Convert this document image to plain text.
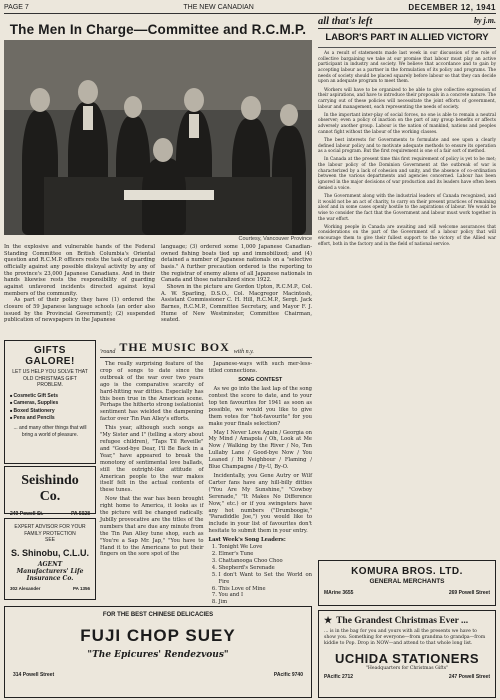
PAGE 7	THE NEW CANADIAN	DECEMBER 12, 1941
The Men In Charge—Committee and R.C.M.P.
Courtesy, Vancouver Province

In the explosive and vulnerable hands of the Federal Standing Committee on British Columbia's Oriental question and R.C.M.P. officers rests the task of guarding officially against any possible disloyal activity by any of the province's 23,000 Japanese Canadians. And in their hands likewise rests the responsibility of guarding against unfavored incidents directed against loyal members of the community.
As part of their policy they have (1) ordered the closure of 59 Japanese language schools (an order also issued by the Provincial Government); (2) suspended publication of newspapers in the Japanese

language; (3) ordered some 1,000 Japanese Canadian-owned fishing boats tied up and immobilized; and (4) detained a number of Japanese nationals on a "selective basis." A further precaution ordered is the reporting to the registrar of enemy aliens of all Japanese nationals in Canada and those naturalized since 1922.
Shown in the picture are Gordon Upton, R.C.M.P., Col. A. W. Sparling, D.S.O., Col. Macgregor Macintosh, Assistant Commissioner C. H. Hill, R.C.M.P., Sergt. Jack Barnes, R.C.M.P., Committee Secretary, and Mayor F. J. Hume of New Westminster, Committee Chairman, seated.

all that's left	by j.m.
LABOR'S PART IN ALLIED VICTORY

As a result of statements made last week in our discussion of the role of collective bargaining we take at our promise that labour must play an active participant in industry and society. We believe that accordance and to gain by accepting labour as a partner in the formulation of its policy and programs. The needs of society should be placed squarely before labour so that they can decide upon an adequate program to meet them.

Workers will have to be organized to be able to give collective expression of their aspirations, and have to introduce their proposals in a concrete nature. The carrying out of these policies will necessitate the joint efforts of government, labour and management, each representing the needs of society.

In the important inter-play of social forces, no one is able to remain a neutral observer; even a policy of inaction on the part of any group benefits or affects adversely another group. Labour is the nation of mankind, nations and peoples cannot fight without the labour of the working classes.

The best interests for Governments to formulate and see upon a clearly defined labour policy and to motivate adequate methods to ensure its operation as a social program. But the first requirement is one of a fair sort of method.

In Canada at the present time this first requirement of policy is yet to be met; the labour policy of the Dominion Government at the outbreak of war is characterized by a lack of cohesion and unity, and the absence of co-ordination between the various departments and agencies concerned. Labour has been ignored in the major decisions of war production and its leaders have often been denied a voice.

The Government along with the industrial leaders of Canada recognized, and it would not be an act of charity, to carry on their present practices of remaining aloof and in some cases openly hostile to the aspirations of labour. We would be wise to consider the fact that the Government and labour must work together in the war effort.

Working people in Canada are awaiting and will welcome assurances that considerations on the part of the Government of a labour policy that will encourage them to give their fullest support to the victory of the Allied war effort, both in the factory and in the field of national service.

GIFTS GALORE!
LET US HELP YOU SOLVE THAT OLD CHRISTMAS GIFT PROBLEM.
■ Cosmetic Gift Sets
■ Cameras, Supplies
■ Boxed Stationery
■ Pens and Pencils
... and many other things that will bring a world of pleasure.
Seishindo Co.
249 Powell St.	PA 5028
EXPERT ADVISOR FOR YOUR FAMILY PROTECTION
SEE
S. Shinobu, C.L.U.
AGENT
Manufacturers' Life Insurance Co.
302 Alexander	PA 1356
'round THE MUSIC BOX with n.y.

The really surprising feature of the crop of songs to date since the outbreak of the war over two years ago is the comparative scarcity of hard-hitting war ditties. Especially has this been true in the American scene. Perhaps the hitherto strong isolationist sentiment has wielded the dampening factor over Tin Pan Alley's efforts.

This year, although such songs as "My Sister and I" (telling a story about refugee children), "Taps Til Reveille" and "Good-bye Dear, I'll Be Back in a Year," have appeared to break the monotony of sentimental love ballads, still the outright-like attitude of American people to the war makes itself felt in the actual contents of these tunes.

Now that the war has been brought right home to America, it looks as if the picture will be changed radically. Jubilly provocative are the titles of the numbers that are due any minute from the Tin Pan Alley tune shop, such as "You're a Sap Mr. Jap," "You have to Hand it to the Americans to put their fingers on the sore spot of the

Japanese-ways with such mer-less-titled connections.

SONG CONTEST

As we go into the last lap of the song contest the score to date, and to your top ten favourites for 1941 as soon as possible, we would you like to give them votes for "hot-favourite" for you make your finals selection?

May I Never Love Again / Georgia on My Mind / Amapola / Oh, Look at Me Now / Walking by the River / No, Ten Lullaby Lane / Good-bye Now / You Leaned / Hi Neighbour / Flaming / Blue Champagne / By-U, By-O.

Incidentally, you Gene Autry or Wilf Carter fans have any hill-billy ditties ("You Are My Sunshine," "Cowboy Serenade," "It Makes No Difference Now," etc.) or if you swingsters have any hot numbers ("Drumboogie," "Paradiddle Joe,") you would like to include in your list of favourites don't hesitate to submit them in your entry.

Last Week's Song Leaders:

1. Tonight We Love
2. Elmer's Tune
3. Chattanooga Choo Choo
4. Shepherd's Serenade
5. I don't Want to Set the World on Fire
6. This Love of Mine
7. You and I
8. Jim
9.
10.
KOMURA BROS. LTD.
GENERAL MERCHANTS
MArine 3655	269 Powell Street
FOR THE BEST CHINESE DELICACIES
FUJI CHOP SUEY
"The Epicures' Rendezvous"
314 Powell Street	PAcific 9740
★ The Grandest Christmas Ever ...
... is in the bag for you and yours with all the presents we have to show you. Something for everyone—from grandma to grandpa—from kiddie to Pop. Drop in NOW—and attend to that whole long list.
UCHIDA STATIONERS
"Headquarters for Christmas Gifts"
PAcific 2712	247 Powell Street
